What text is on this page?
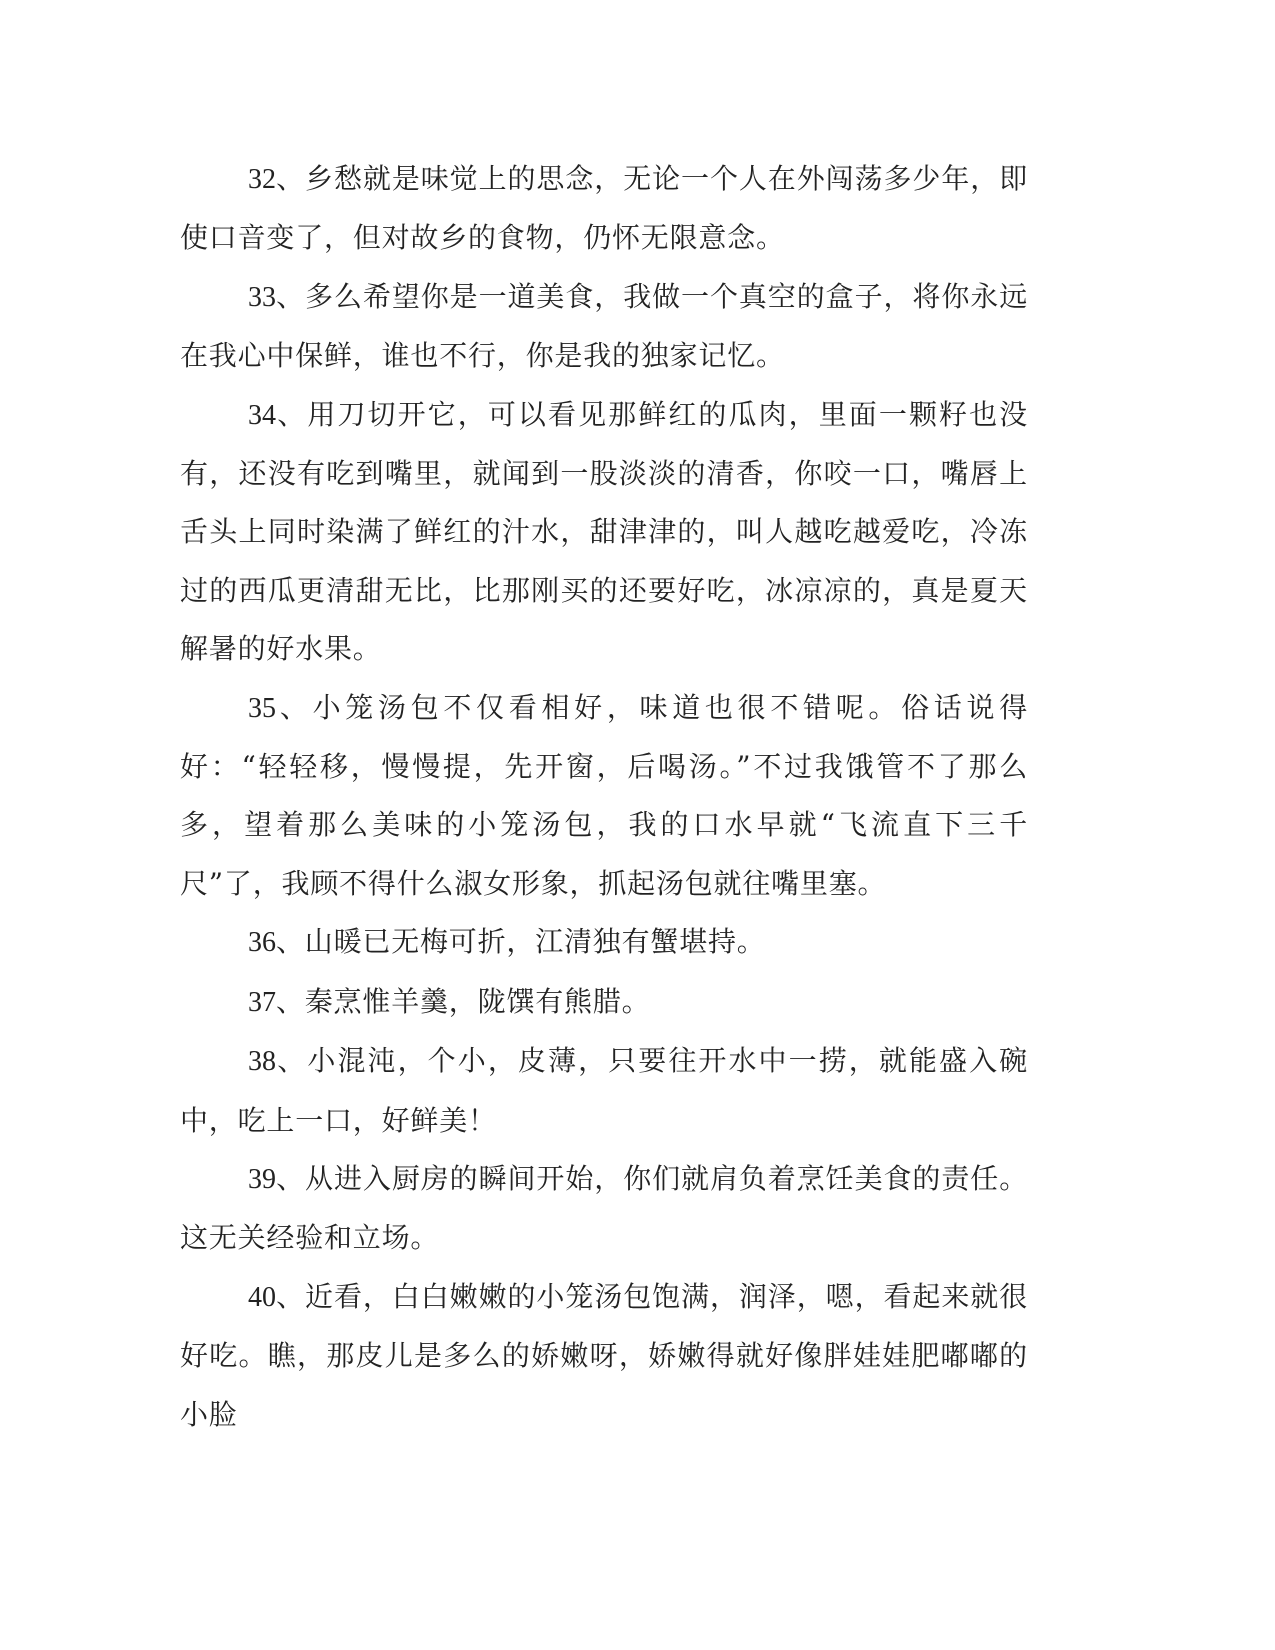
32、乡愁就是味觉上的思念，无论一个人在外闯荡多少年，即使口音变了，但对故乡的食物，仍怀无限意念。

33、多么希望你是一道美食，我做一个真空的盒子，将你永远在我心中保鲜，谁也不行，你是我的独家记忆。

34、用刀切开它，可以看见那鲜红的瓜肉，里面一颗籽也没有，还没有吃到嘴里，就闻到一股淡淡的清香，你咬一口，嘴唇上舌头上同时染满了鲜红的汁水，甜津津的，叫人越吃越爱吃，冷冻过的西瓜更清甜无比，比那刚买的还要好吃，冰凉凉的，真是夏天解暑的好水果。

35、小笼汤包不仅看相好，味道也很不错呢。俗话说得好：“轻轻移，慢慢提，先开窗，后喝汤。”不过我饿管不了那么多，望着那么美味的小笼汤包，我的口水早就“飞流直下三千尺”了，我顾不得什么淑女形象，抓起汤包就往嘴里塞。

36、山暖已无梅可折，江清独有蟹堪持。

37、秦烹惟羊羹，陇馔有熊腊。

38、小混沌，个小，皮薄，只要往开水中一捞，就能盛入碗中，吃上一口，好鲜美！

39、从进入厨房的瞬间开始，你们就肩负着烹饪美食的责任。这无关经验和立场。

40、近看，白白嫩嫩的小笼汤包饱满，润泽，嗯，看起来就很好吃。瞧，那皮儿是多么的娇嫩呀，娇嫩得就好像胖娃娃肥嘟嘟的小脸
